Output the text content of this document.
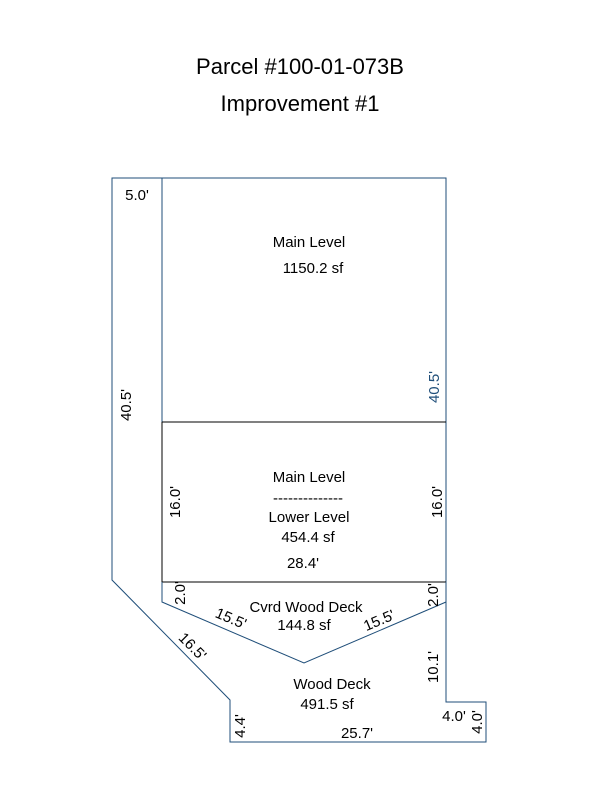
Parcel #100-01-073B
Improvement #1
Main Level
1150.2 sf
Main Level
--------------
Lower Level
454.4 sf
Cvrd Wood Deck
144.8 sf
Wood Deck
491.5 sf
5.0'
40.5'
40.5'
16.0'	16.0'
28.4'
2.0'	2.0'
15.5'	15.5'
16.5'
10.1'
4.0' 4.0'
4.4'	25.7'
